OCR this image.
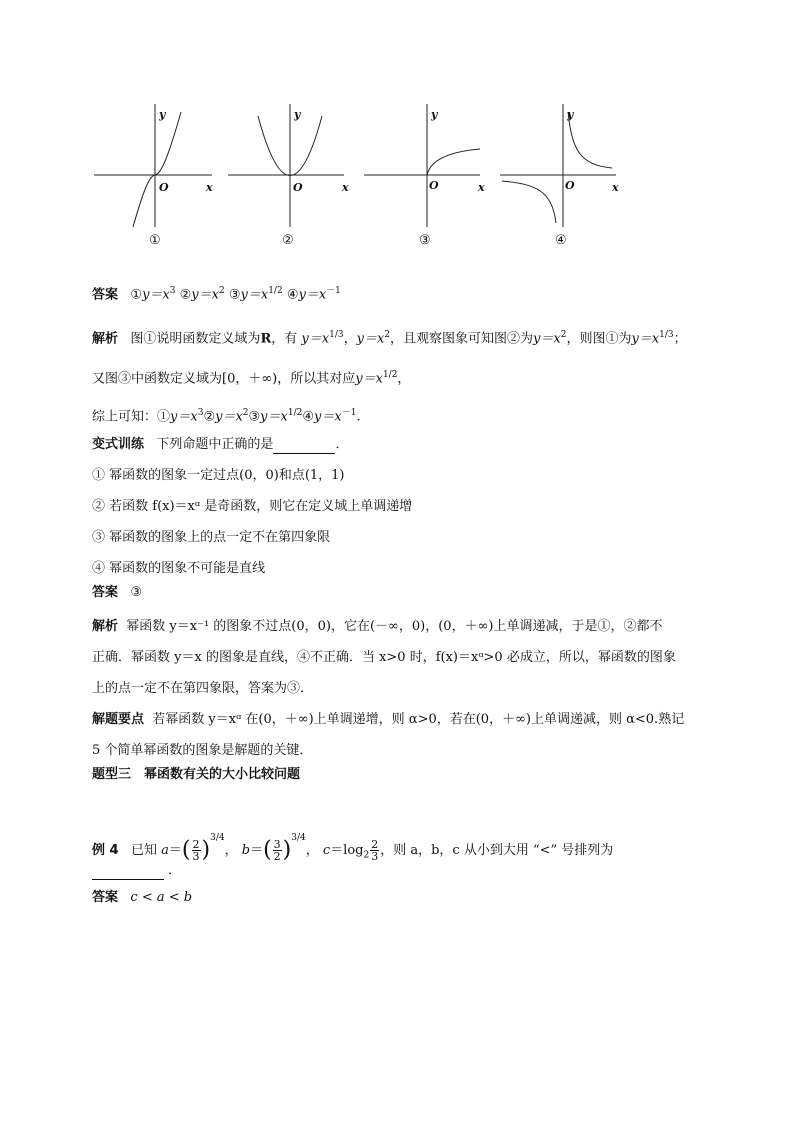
y
x
O
y
x
O
y
x
O
y
x
O
①	②	③	④
答案 $①y=x^3$ $②y=x^2$ $③y=x^{1/2}$ $④y=x^{-1}$
解析 图①说明函数定义域为R，有 $y=x^{1/3}$，$y=x^2$，且观察图象可知图②为$y=x^2$，则图①为$y=x^{1/3}$；
又图③中函数定义域为[0，＋∞)，所以其对应$y=x^{1/2}$，
综上可知：$①y=x^3②y=x^2③y=x^{1/2}④y=x^{-1}$.
变式训练 下列命题中正确的是	．
① 幂函数的图象一定过点(0，0)和点(1，1)
② 若函数 f(x)＝xᵅ 是奇函数，则它在定义域上单调递增
③ 幂函数的图象上的点一定不在第四象限
④ 幂函数的图象不可能是直线
答案 ③
解析 幂函数 y＝x⁻¹ 的图象不过点(0，0)，它在(－∞，0)，(0，＋∞)上单调递减，于是①，②都不
正确．幂函数 y＝x 的图象是直线，④不正确．当 x>0 时，f(x)＝xᵅ>0 必成立，所以，幂函数的图象
上的点一定不在第四象限，答案为③．
解题要点 若幂函数 y＝xᵅ 在(0，＋∞)上单调递增，则 α>0，若在(0，＋∞)上单调递减，则 α<0.熟记
5 个简单幂函数的图象是解题的关键．
题型三　幂函数有关的大小比较问题
例 4 已知 $a=( \frac{2}{3} )^{3/4}$， $b=( \frac{3}{2} )^{3/4}$， $c=\log_2 \frac{2}{3}$ ，则 a，b，c 从小到大用 “<” 号排列为
．
答案 c < a < b
